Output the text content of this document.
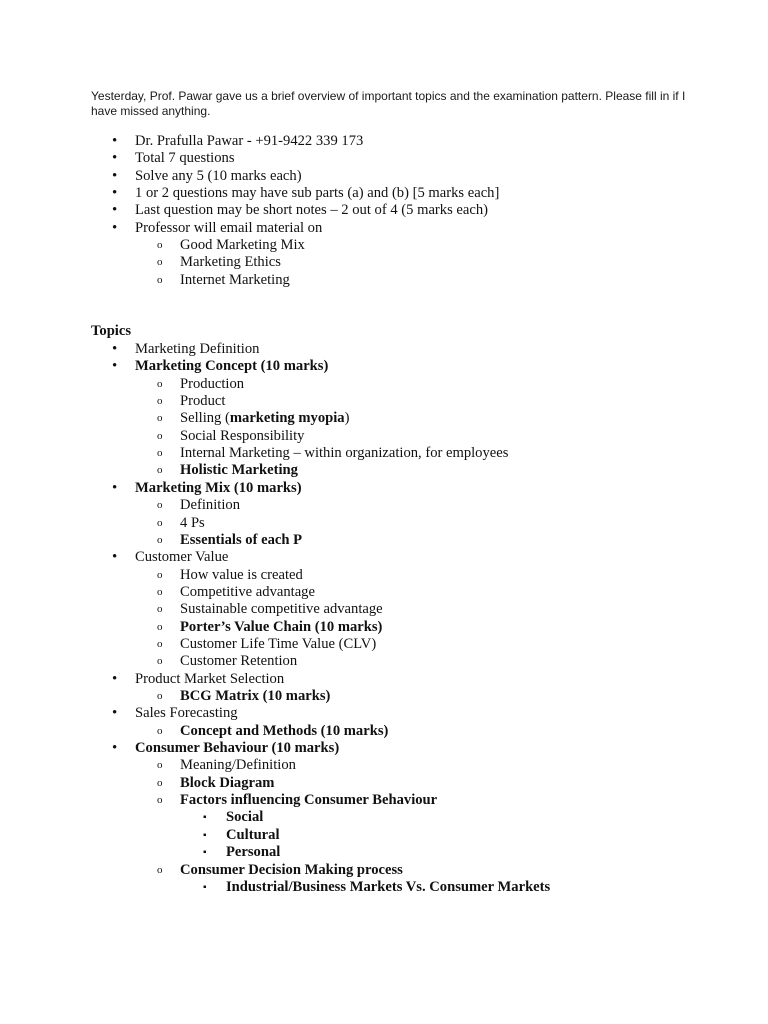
Yesterday, Prof. Pawar gave us a brief overview of important topics and the examination pattern. Please fill in if I have missed anything.
• Dr. Prafulla Pawar - +91-9422 339 173
• Total 7 questions
• Solve any 5 (10 marks each)
• 1 or 2 questions may have sub parts (a) and (b) [5 marks each]
• Last question may be short notes – 2 out of 4 (5 marks each)
• Professor will email material on
o Good Marketing Mix
o Marketing Ethics
o Internet Marketing
Topics
• Marketing Definition
• Marketing Concept (10 marks)
o Production
o Product
o Selling (marketing myopia)
o Social Responsibility
o Internal Marketing – within organization, for employees
o Holistic Marketing
• Marketing Mix (10 marks)
o Definition
o 4 Ps
o Essentials of each P
• Customer Value
o How value is created
o Competitive advantage
o Sustainable competitive advantage
o Porter’s Value Chain (10 marks)
o Customer Life Time Value (CLV)
o Customer Retention
• Product Market Selection
o BCG Matrix (10 marks)
• Sales Forecasting
o Concept and Methods (10 marks)
• Consumer Behaviour (10 marks)
o Meaning/Definition
o Block Diagram
o Factors influencing Consumer Behaviour
▪ Social
▪ Cultural
▪ Personal
o Consumer Decision Making process
▪ Industrial/Business Markets Vs. Consumer Markets
